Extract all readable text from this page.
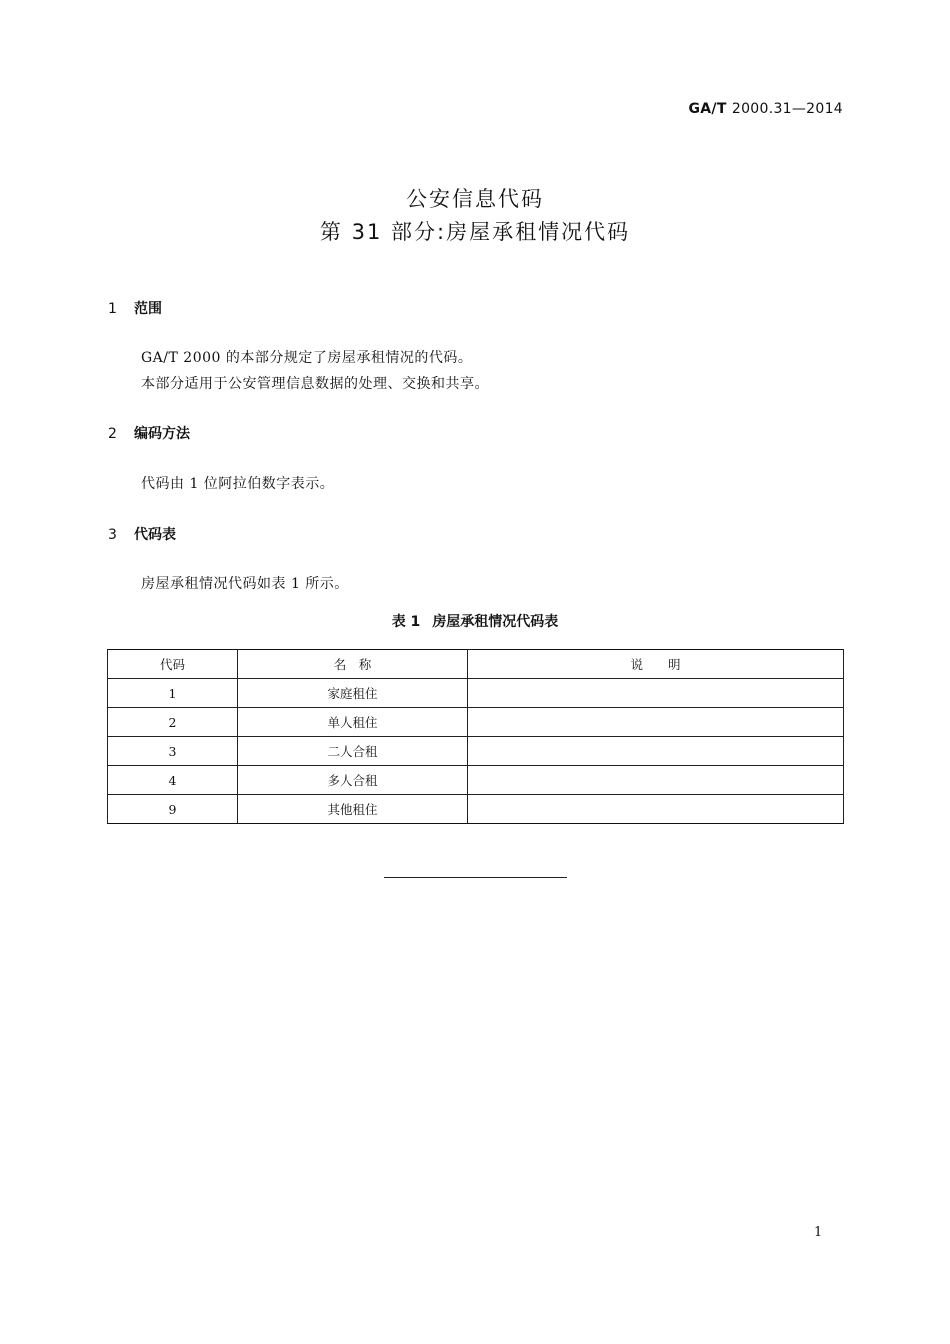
GA/T 2000.31—2014
公安信息代码
第 31 部分:房屋承租情况代码
1 范围
GA/T 2000 的本部分规定了房屋承租情况的代码。
本部分适用于公安管理信息数据的处理、交换和共享。
2 编码方法
代码由 1 位阿拉伯数字表示。
3 代码表
房屋承租情况代码如表 1 所示。
表 1 房屋承租情况代码表
代码	名　称	说　　明
1	家庭租住	
2	单人租住	
3	二人合租	
4	多人合租	
9	其他租住	
1
